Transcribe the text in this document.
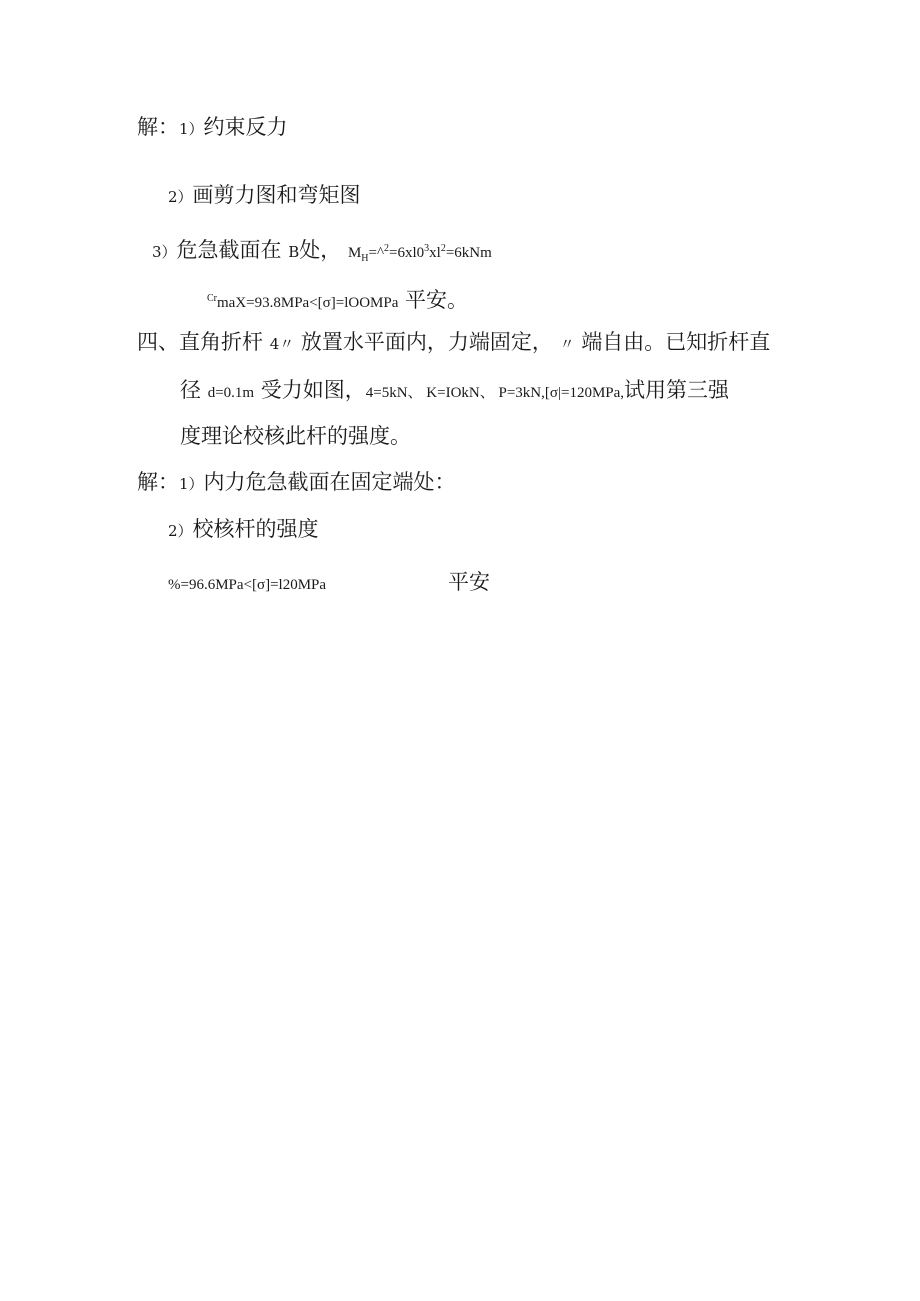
解：1）约束反力
2）画剪力图和弯矩图
3）危急截面在 B处， $M_H=\^{}^2=6xl0^3xl^2=6kNm$
$^{Cr}$maX=93.8MPa<[σ]=lOOMPa 平安。
四、直角折杆 4〃 放置水平面内，力端固定， 〃 端自由。已知折杆直
径 d=0.1m 受力如图，4=5kN、 K=IOkN、 P=3kN,[σ|=120MPa,试用第三强
度理论校核此杆的强度。
解：1）内力危急截面在固定端处：
2）校核杆的强度
%=96.6MPa<[σ]=l20MPa	平安
